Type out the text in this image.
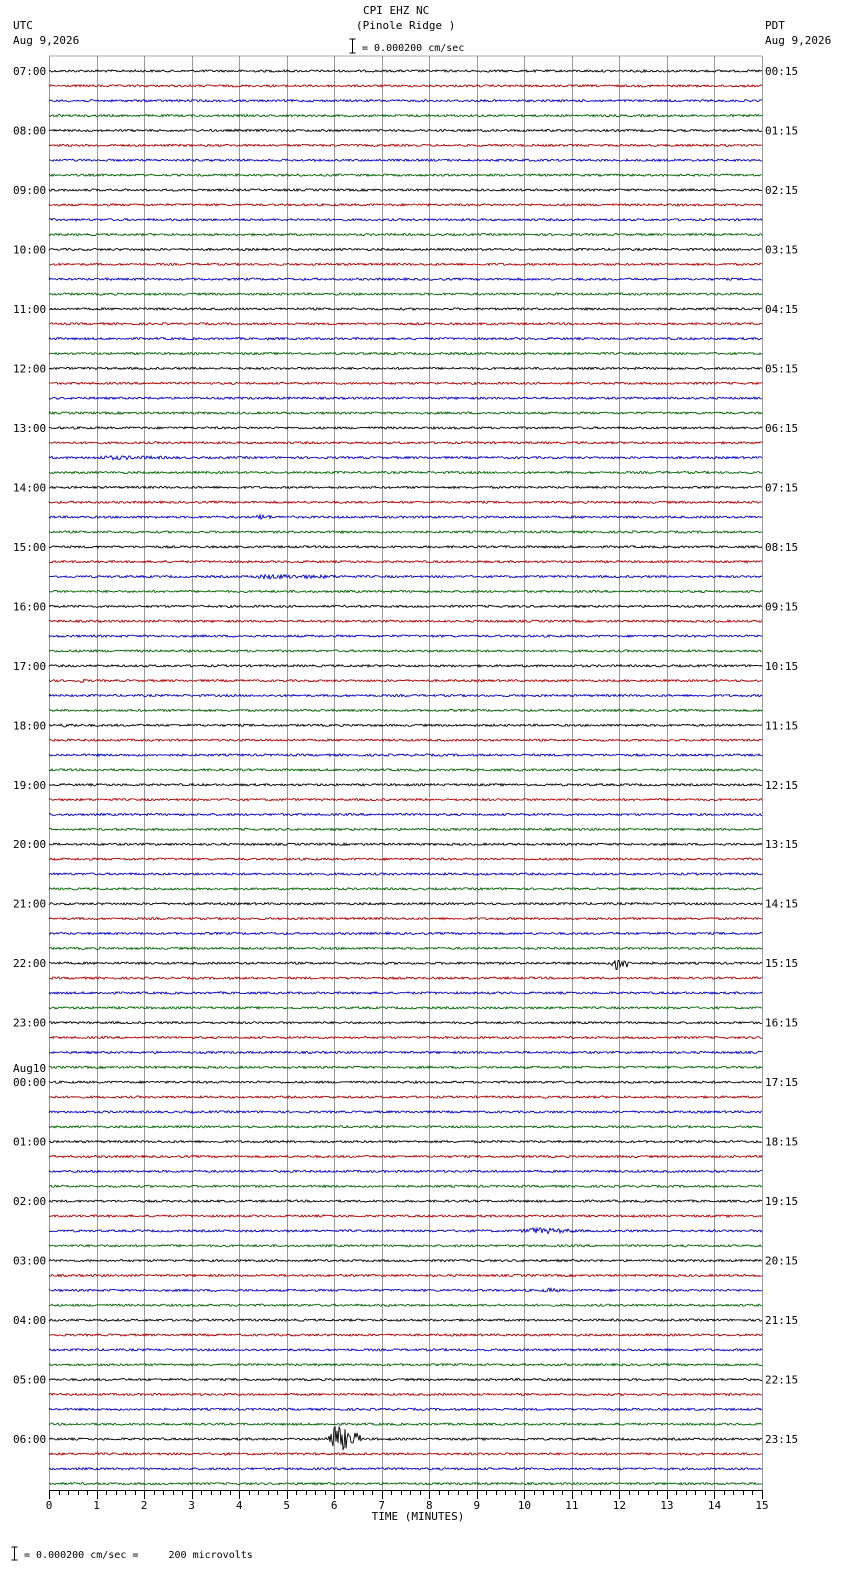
CPI EHZ NC
(Pinole Ridge )
UTC
Aug 9,2026
PDT
Aug 9,2026
= 0.000200 cm/sec
= 0.000200 cm/sec =     200 microvolts
0	1	2	3	4	5	6	7	8	9	10	11	12	13	14	15
07:00	00:15
08:00	01:15
09:00	02:15
10:00	03:15
11:00	04:15
12:00	05:15
13:00	06:15
14:00	07:15
15:00	08:15
16:00	09:15
17:00	10:15
18:00	11:15
19:00	12:15
20:00	13:15
21:00	14:15
22:00	15:15
23:00	16:15
00:00	17:15
Aug10
01:00	18:15
02:00	19:15
03:00	20:15
04:00	21:15
05:00	22:15
06:00	23:15
TIME (MINUTES)
